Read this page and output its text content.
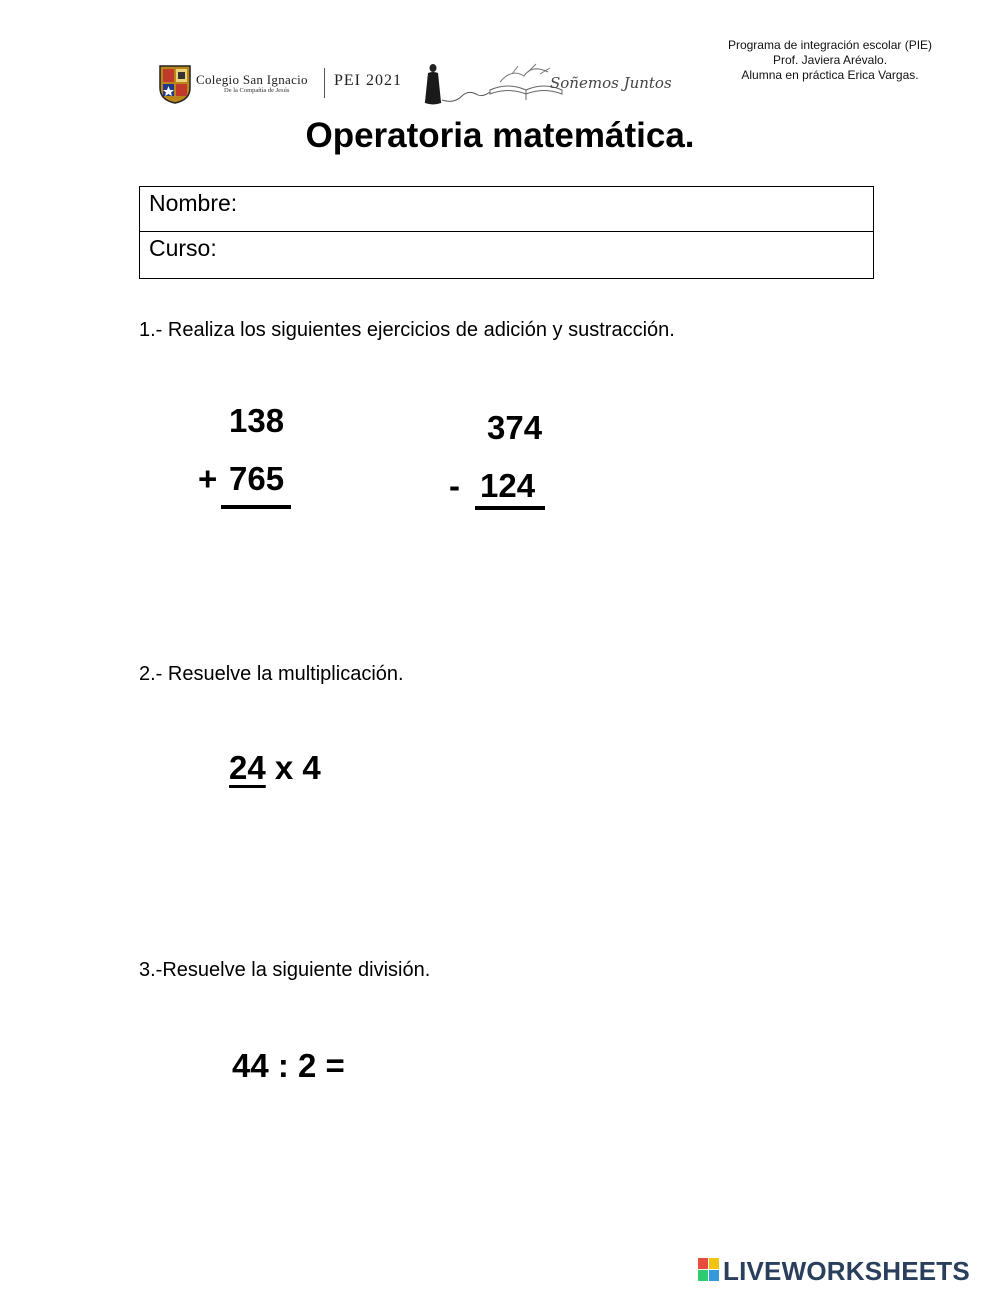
Programa de integración escolar (PIE)
Prof. Javiera Arévalo.
Alumna en práctica Erica Vargas.
Colegio San Ignacio
De la Compañía de Jesús
PEI 2021	Soñemos Juntos
Operatoria matemática.
Nombre:
Curso:
1.- Realiza los siguientes ejercicios de adición y sustracción.
138
+ 765
374
- 124
2.- Resuelve la multiplicación.
24 x 4
3.-Resuelve la siguiente división.
44 : 2 =
LIVEWORKSHEETS
